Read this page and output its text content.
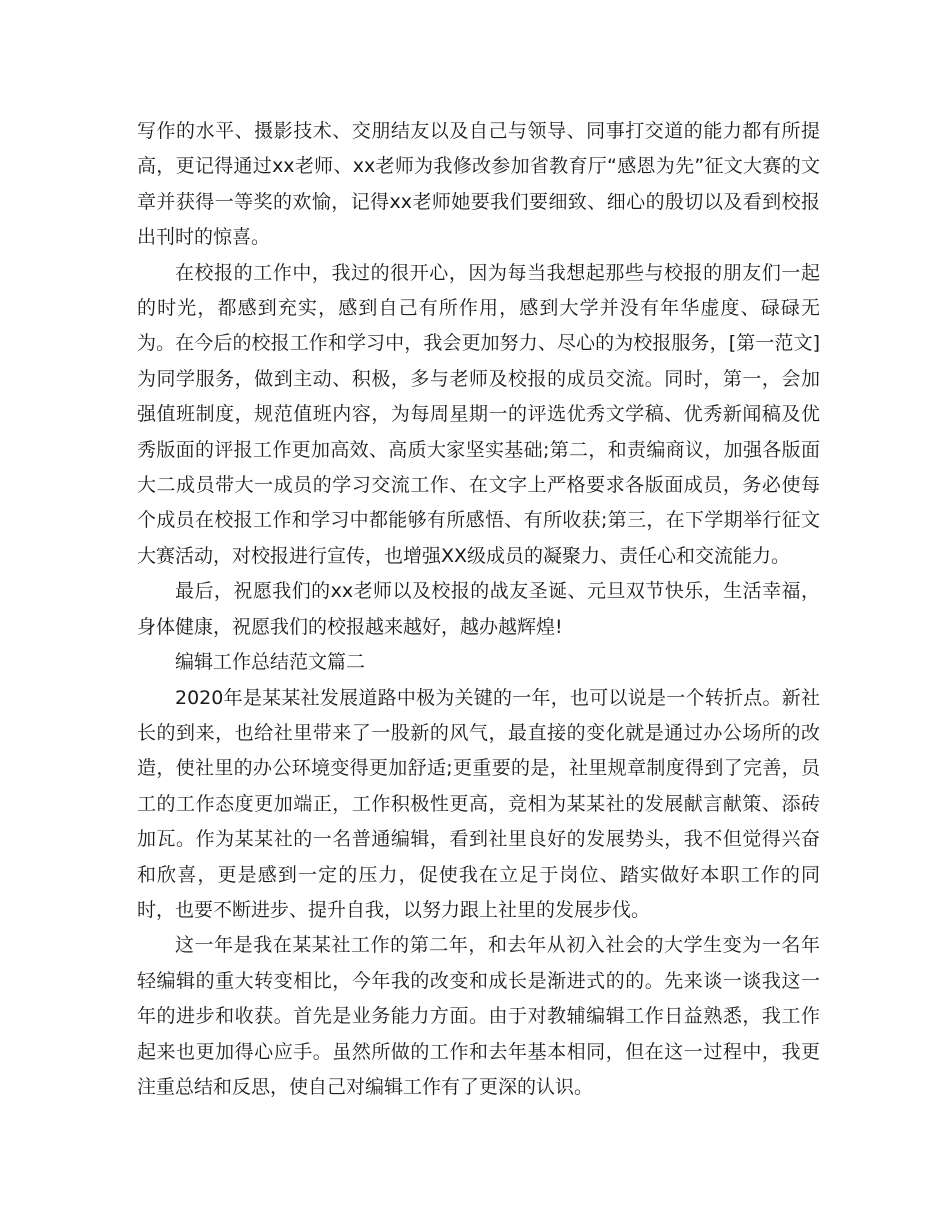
写作的水平、摄影技术、交朋结友以及自己与领导、同事打交道的能力都有所提高，更记得通过xx老师、xx老师为我修改参加省教育厅“感恩为先”征文大赛的文章并获得一等奖的欢愉，记得xx老师她要我们要细致、细心的殷切以及看到校报出刊时的惊喜。

在校报的工作中，我过的很开心，因为每当我想起那些与校报的朋友们一起的时光，都感到充实，感到自己有所作用，感到大学并没有年华虚度、碌碌无为。在今后的校报工作和学习中，我会更加努力、尽心的为校报服务，[第一范文]为同学服务，做到主动、积极，多与老师及校报的成员交流。同时，第一，会加强值班制度，规范值班内容，为每周星期一的评选优秀文学稿、优秀新闻稿及优秀版面的评报工作更加高效、高质大家坚实基础;第二，和责编商议，加强各版面大二成员带大一成员的学习交流工作、在文字上严格要求各版面成员，务必使每个成员在校报工作和学习中都能够有所感悟、有所收获;第三，在下学期举行征文大赛活动，对校报进行宣传，也增强XX级成员的凝聚力、责任心和交流能力。

最后，祝愿我们的xx老师以及校报的战友圣诞、元旦双节快乐，生活幸福，身体健康，祝愿我们的校报越来越好，越办越辉煌!

编辑工作总结范文篇二

2020年是某某社发展道路中极为关键的一年，也可以说是一个转折点。新社长的到来，也给社里带来了一股新的风气，最直接的变化就是通过办公场所的改造，使社里的办公环境变得更加舒适;更重要的是，社里规章制度得到了完善，员工的工作态度更加端正，工作积极性更高，竞相为某某社的发展献言献策、添砖加瓦。作为某某社的一名普通编辑，看到社里良好的发展势头，我不但觉得兴奋和欣喜，更是感到一定的压力，促使我在立足于岗位、踏实做好本职工作的同时，也要不断进步、提升自我，以努力跟上社里的发展步伐。

这一年是我在某某社工作的第二年，和去年从初入社会的大学生变为一名年轻编辑的重大转变相比，今年我的改变和成长是渐进式的的。先来谈一谈我这一年的进步和收获。首先是业务能力方面。由于对教辅编辑工作日益熟悉，我工作起来也更加得心应手。虽然所做的工作和去年基本相同，但在这一过程中，我更注重总结和反思，使自己对编辑工作有了更深的认识。
